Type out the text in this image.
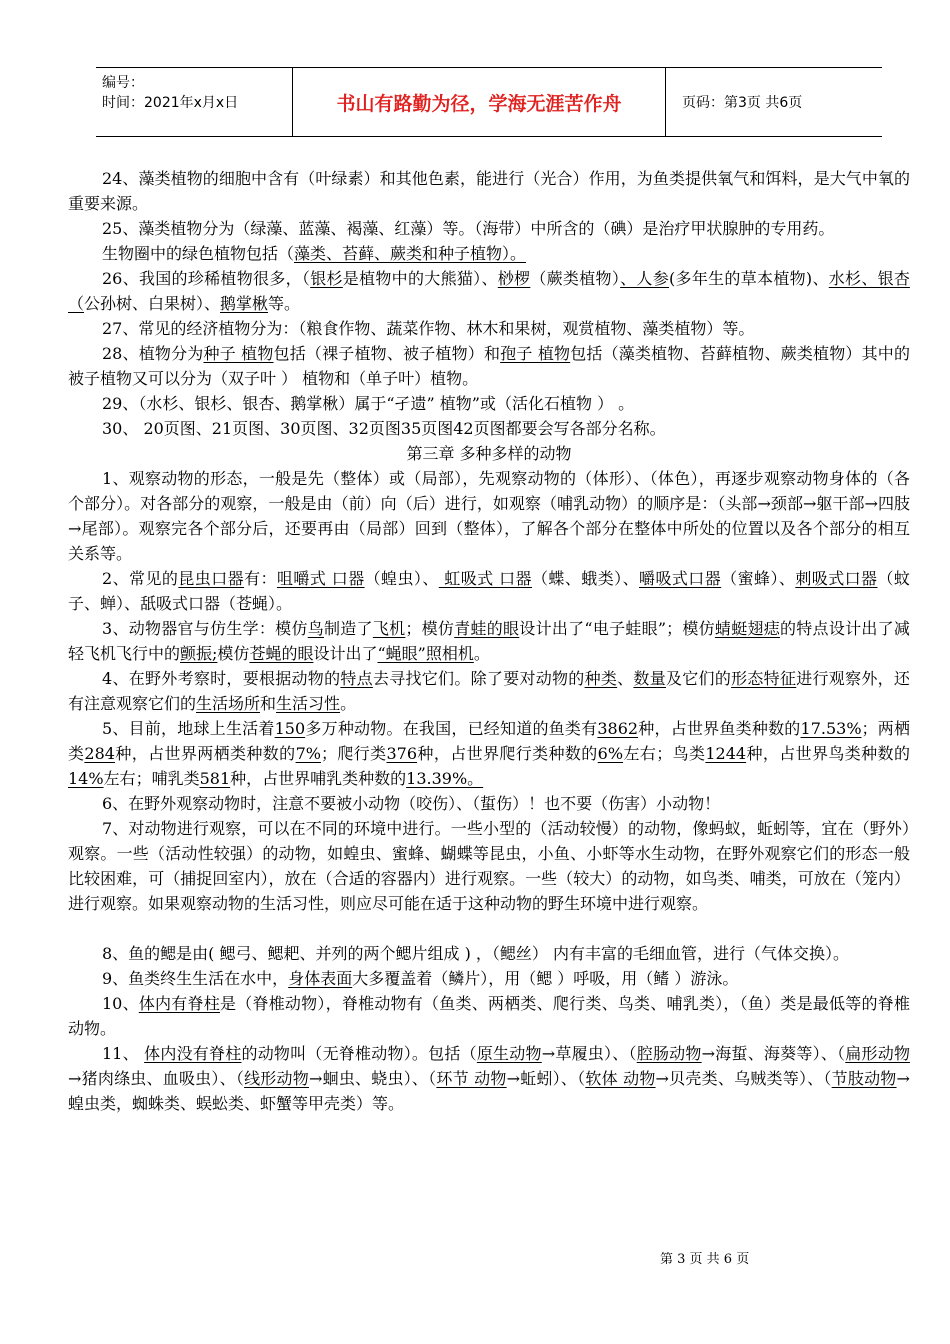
编号：
时间：2021年x月x日	书山有路勤为径，学海无涯苦作舟	页码：第3页 共6页

24、藻类植物的细胞中含有（叶绿素）和其他色素，能进行（光合）作用，为鱼类提供氧气和饵料，是大气中氧的重要来源。

25、藻类植物分为（绿藻、蓝藻、褐藻、红藻）等。（海带）中所含的（碘）是治疗甲状腺肿的专用药。

生物圈中的绿色植物包括（藻类、苔藓、蕨类和种子植物）。

26、我国的珍稀植物很多，（银杉是植物中的大熊猫）、桫椤（蕨类植物）、人参(多年生的草本植物)、水杉、银杏（公孙树、白果树）、鹅掌楸等。

27、常见的经济植物分为：（粮食作物、蔬菜作物、林木和果树，观赏植物、藻类植物）等。

28、植物分为种子 植物包括（裸子植物、被子植物）和孢子 植物包括（藻类植物、苔藓植物、蕨类植物）其中的被子植物又可以分为（双子叶 ） 植物和（单子叶）植物。

29、（水杉、银杉、银杏、鹅掌楸）属于“孑遗” 植物”或（活化石植物 ） 。

30、 20页图、21页图、30页图、32页图35页图42页图都要会写各部分名称。

第三章 多种多样的动物

1、观察动物的形态，一般是先（整体）或（局部），先观察动物的（体形）、（体色），再逐步观察动物身体的（各个部分）。对各部分的观察，一般是由（前）向（后）进行，如观察（哺乳动物）的顺序是：（头部→颈部→躯干部→四肢→尾部）。观察完各个部分后，还要再由（局部）回到（整体），了解各个部分在整体中所处的位置以及各个部分的相互关系等。

2、常见的昆虫口器有：咀嚼式 口器（蝗虫）、 虹吸式 口器（蝶、蛾类）、嚼吸式口器（蜜蜂）、刺吸式口器（蚊子、蝉）、舐吸式口器（苍蝇）。

3、动物器官与仿生学：模仿鸟制造了飞机；模仿青蛙的眼设计出了“电子蛙眼”；模仿蜻蜓翅痣的特点设计出了减轻飞机飞行中的颤振;模仿苍蝇的眼设计出了“蝇眼”照相机。

4、在野外考察时，要根据动物的特点去寻找它们。除了要对动物的种类、数量及它们的形态特征进行观察外，还有注意观察它们的生活场所和生活习性。

5、目前，地球上生活着150多万种动物。在我国，已经知道的鱼类有3862种，占世界鱼类种数的17.53%；两栖类284种，占世界两栖类种数的7%；爬行类376种，占世界爬行类种数的6%左右；鸟类1244种，占世界鸟类种数的14%左右；哺乳类581种，占世界哺乳类种数的13.39%。

6、在野外观察动物时，注意不要被小动物（咬伤）、（蜇伤）！也不要（伤害）小动物！

7、对动物进行观察，可以在不同的环境中进行。一些小型的（活动较慢）的动物，像蚂蚁，蚯蚓等，宜在（野外）观察。一些（活动性较强）的动物，如蝗虫、蜜蜂、蝴蝶等昆虫，小鱼、小虾等水生动物，在野外观察它们的形态一般比较困难，可（捕捉回室内），放在（合适的容器内）进行观察。一些（较大）的动物，如鸟类、哺类，可放在（笼内）进行观察。如果观察动物的生活习性，则应尽可能在适于这种动物的野生环境中进行观察。

8、鱼的鳃是由( 鳃弓、鳃耙、并列的两个鳃片组成 ) ，（鳃丝） 内有丰富的毛细血管，进行（气体交换）。

9、鱼类终生生活在水中，身体表面大多覆盖着（鳞片），用（鳃 ）呼吸，用（鳍 ）游泳。

10、体内有脊柱是（脊椎动物），脊椎动物有（鱼类、两栖类、爬行类、鸟类、哺乳类），（鱼）类是最低等的脊椎动物。

11、 体内没有脊柱的动物叫（无脊椎动物）。包括（原生动物→草履虫）、（腔肠动物→海蜇、海葵等）、（扁形动物→猪肉绦虫、血吸虫）、（线形动物→蛔虫、蛲虫）、（环节 动物→蚯蚓）、（软体 动物→贝壳类、乌贼类等）、（节肢动物→蝗虫类，蜘蛛类、蜈蚣类、虾蟹等甲壳类）等。

第 3 页 共 6 页
